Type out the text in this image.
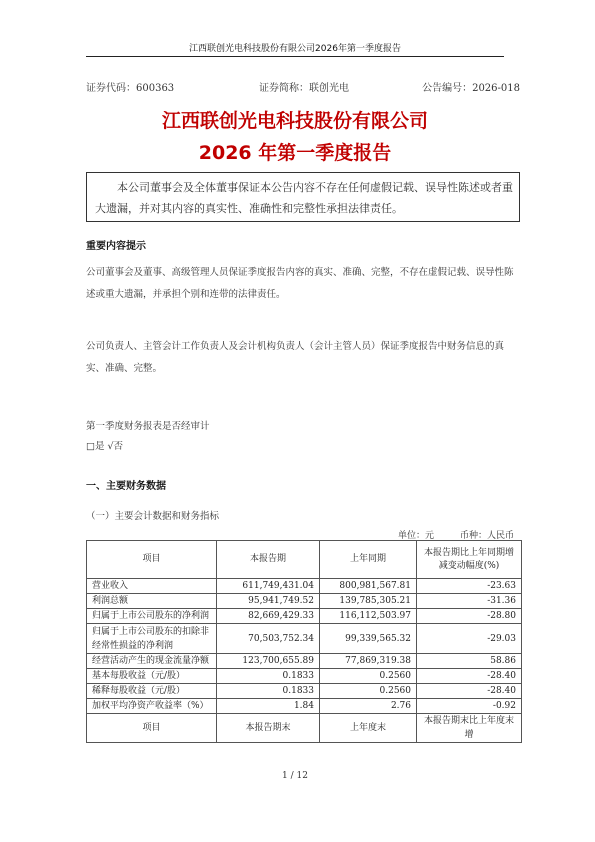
江西联创光电科技股份有限公司2026年第一季度报告
证券代码：600363	证券简称：联创光电	公告编号：2026-018
江西联创光电科技股份有限公司
2026 年第一季度报告
本公司董事会及全体董事保证本公告内容不存在任何虚假记载、误导性陈述或者重大遗漏，并对其内容的真实性、准确性和完整性承担法律责任。
重要内容提示
公司董事会及董事、高级管理人员保证季度报告内容的真实、准确、完整，不存在虚假记载、误导性陈述或重大遗漏，并承担个别和连带的法律责任。
公司负责人、主管会计工作负责人及会计机构负责人（会计主管人员）保证季度报告中财务信息的真实、准确、完整。
第一季度财务报表是否经审计
□是 √否
一、主要财务数据
（一）主要会计数据和财务指标
单位：元	币种：人民币
项目	本报告期	上年同期	本报告期比上年同期增减变动幅度(%)
营业收入	611,749,431.04	800,981,567.81	-23.63
利润总额	95,941,749.52	139,785,305.21	-31.36
归属于上市公司股东的净利润	82,669,429.33	116,112,503.97	-28.80
归属于上市公司股东的扣除非经常性损益的净利润	70,503,752.34	99,339,565.32	-29.03
经营活动产生的现金流量净额	123,700,655.89	77,869,319.38	58.86
基本每股收益（元/股）	0.1833	0.2560	-28.40
稀释每股收益（元/股）	0.1833	0.2560	-28.40
加权平均净资产收益率（%）	1.84	2.76	-0.92
项目	本报告期末	上年度末	本报告期末比上年度末增
1 / 12
